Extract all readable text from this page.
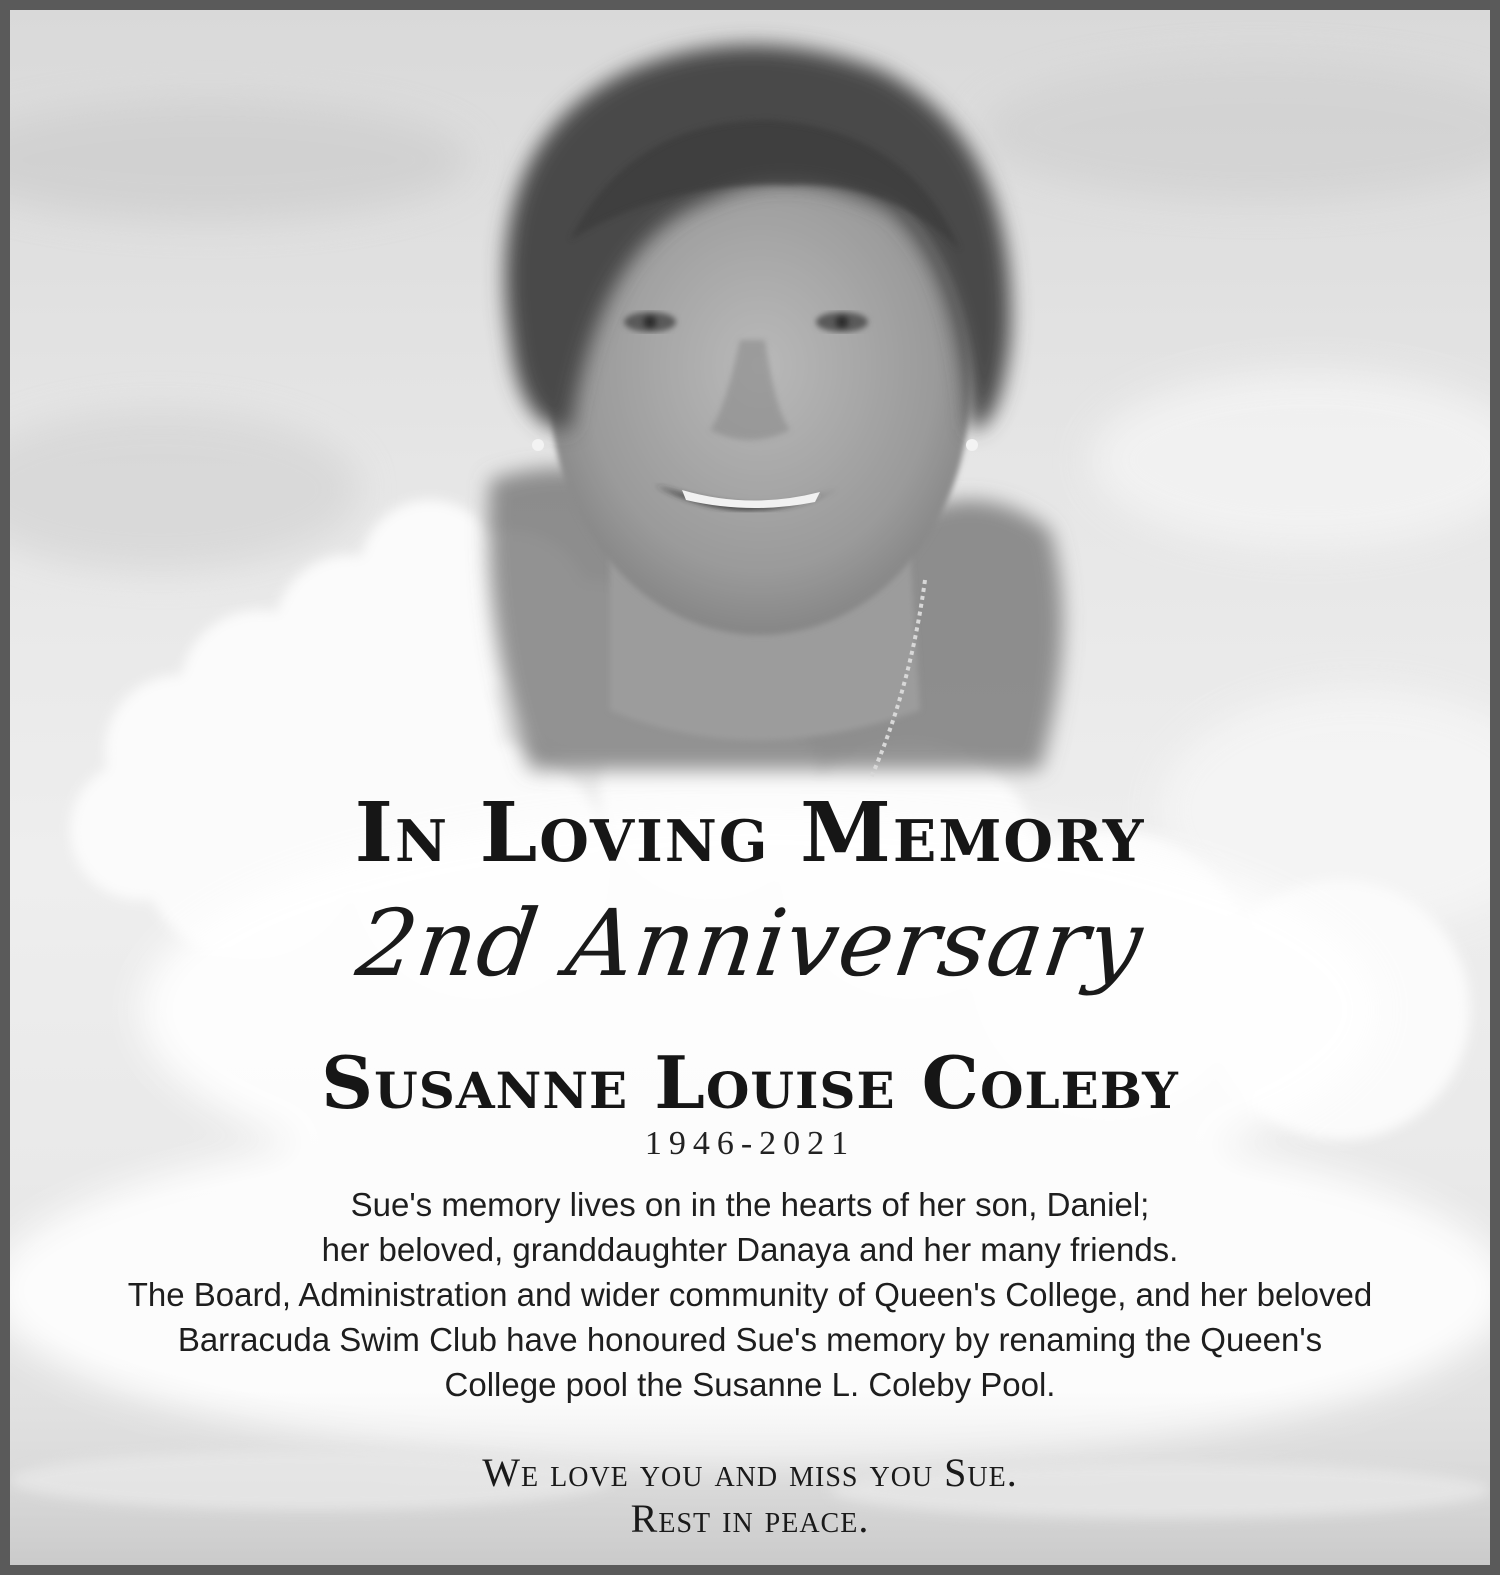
In Loving Memory
2nd Anniversary
Susanne Louise Coleby
1946-2021
Sue's memory lives on in the hearts of her son, Daniel;
her beloved, granddaughter Danaya and her many friends.
The Board, Administration and wider community of Queen's College, and her beloved
Barracuda Swim Club have honoured Sue's memory by renaming the Queen's
College pool the Susanne L. Coleby Pool.
We love you and miss you Sue.
Rest in peace.
